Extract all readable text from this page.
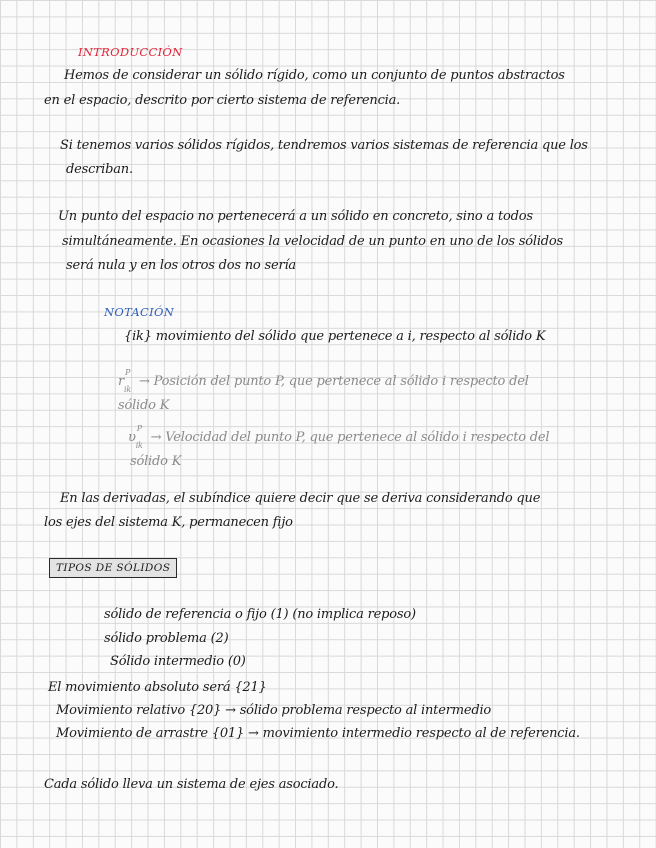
INTRODUCCIÓN
Hemos de considerar un sólido rígido, como un conjunto de puntos abstractos
en el espacio, descrito por cierto sistema de referencia.
Si tenemos varios sólidos rígidos, tendremos varios sistemas de referencia que los
describan.
Un punto del espacio no pertenecerá a un sólido en concreto, sino a todos
simultáneamente. En ocasiones la velocidad de un punto en uno de los sólidos
será nula y en los otros dos no sería
NOTACIÓN
{ik} movimiento del sólido que pertenece a i, respecto al sólido K
r
P
$_{ik}$ → Posición del punto P, que pertenece al sólido i respecto del
sólido K
υ
P
$_{ik}$ → Velocidad del punto P, que pertenece al sólido i respecto del
sólido K
En las derivadas, el subíndice quiere decir que se deriva considerando que
los ejes del sistema K, permanecen fijo
TIPOS DE SÓLIDOS
sólido de referencia o fijo (1) (no implica reposo)
sólido problema (2)
Sólido intermedio (0)
El movimiento absoluto será {21}
Movimiento relativo {20} → sólido problema respecto al intermedio
Movimiento de arrastre {01} → movimiento intermedio respecto al de referencia.
Cada sólido lleva un sistema de ejes asociado.
